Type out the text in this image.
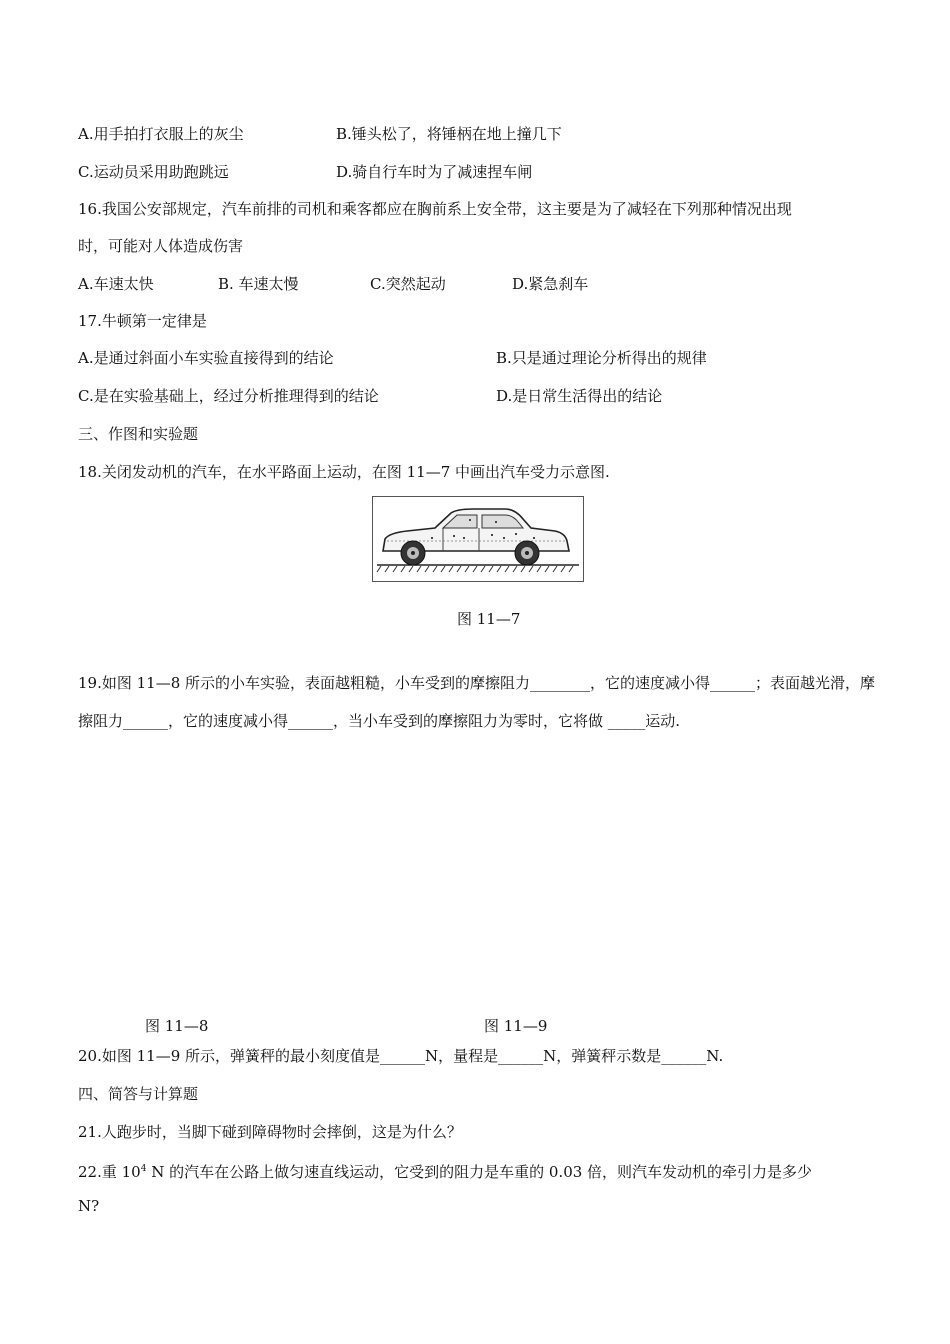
A.用手拍打衣服上的灰尘	B.锤头松了，将锤柄在地上撞几下
C.运动员采用助跑跳远	D.骑自行车时为了减速捏车闸
16.我国公安部规定，汽车前排的司机和乘客都应在胸前系上安全带，这主要是为了减轻在下列那种情况出现
时，可能对人体造成伤害
A.车速太快	B. 车速太慢	C.突然起动	D.紧急刹车
17.牛顿第一定律是
A.是通过斜面小车实验直接得到的结论	B.只是通过理论分析得出的规律
C.是在实验基础上，经过分析推理得到的结论	D.是日常生活得出的结论
三、作图和实验题
18.关闭发动机的汽车，在水平路面上运动，在图 11—7 中画出汽车受力示意图.
图 11—7
19.如图 11—8 所示的小车实验，表面越粗糙，小车受到的摩擦阻力________，它的速度减小得______；表面越光滑，摩擦阻力______，它的速度减小得______，当小车受到的摩擦阻力为零时，它将做 _____运动.
图 11—8	图 11—9
20.如图 11—9 所示，弹簧秤的最小刻度值是______N，量程是______N，弹簧秤示数是______N.
四、简答与计算题
21.人跑步时，当脚下碰到障碍物时会摔倒，这是为什么？
22.重 $10^4$ N 的汽车在公路上做匀速直线运动，它受到的阻力是车重的 0.03 倍，则汽车发动机的牵引力是多少
N?
